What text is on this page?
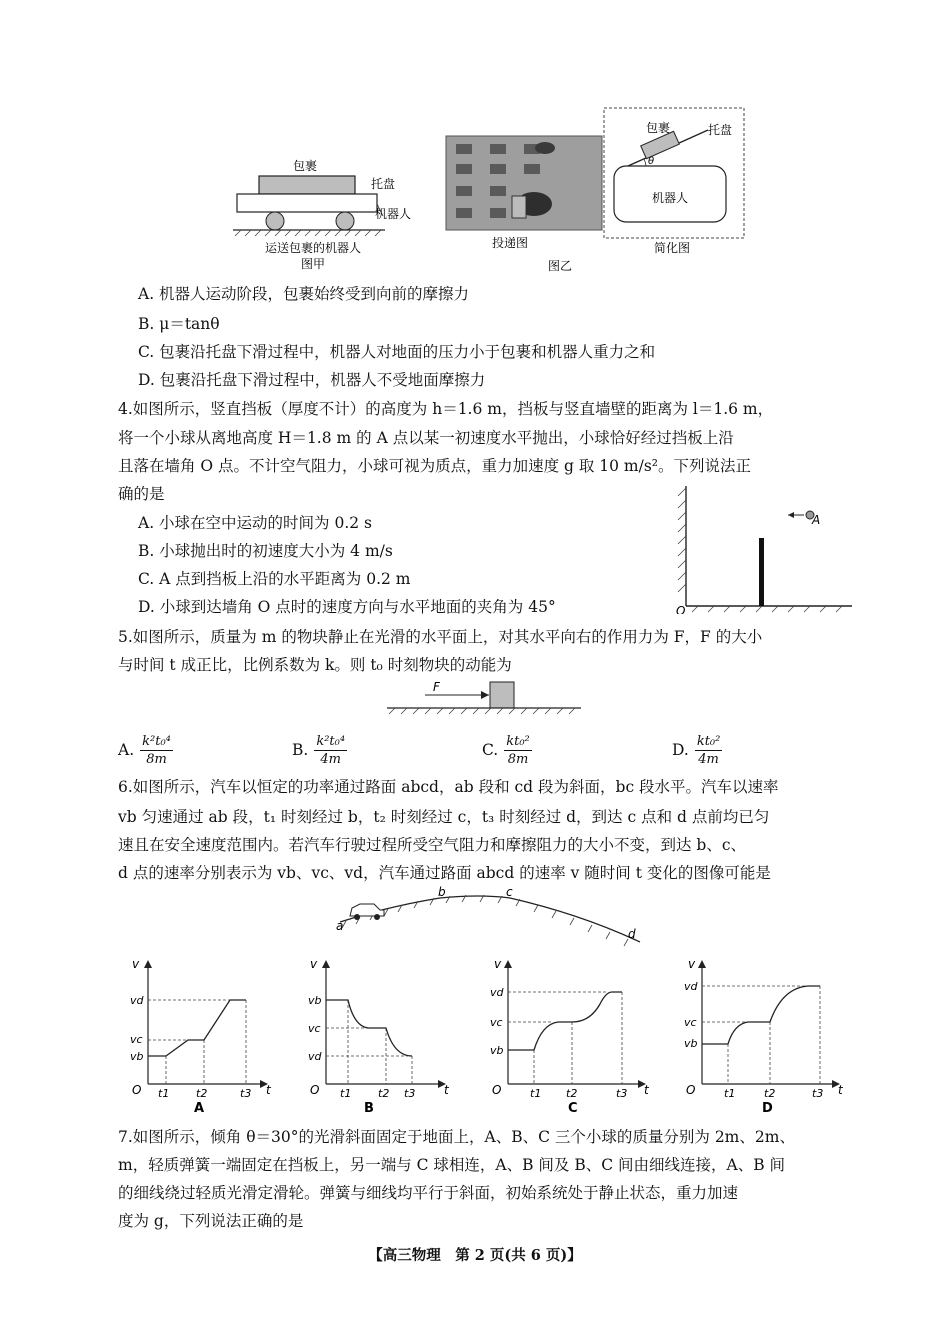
包裹
托盘
机器人
运送包裹的机器人
图甲
θ
包裹	托盘
机器人
投递图	简化图
图乙
A. 机器人运动阶段，包裹始终受到向前的摩擦力
B. μ＝tanθ
C. 包裹沿托盘下滑过程中，机器人对地面的压力小于包裹和机器人重力之和
D. 包裹沿托盘下滑过程中，机器人不受地面摩擦力
4.如图所示，竖直挡板（厚度不计）的高度为 h＝1.6 m，挡板与竖直墙壁的距离为 l＝1.6 m，
将一个小球从离地高度 H＝1.8 m 的 A 点以某一初速度水平抛出，小球恰好经过挡板上沿
且落在墙角 O 点。不计空气阻力，小球可视为质点，重力加速度 g 取 10 m/s²。下列说法正
确的是
A. 小球在空中运动的时间为 0.2 s
B. 小球抛出时的初速度大小为 4 m/s
C. A 点到挡板上沿的水平距离为 0.2 m
D. 小球到达墙角 O 点时的速度方向与水平地面的夹角为 45°
A
O
5.如图所示，质量为 m 的物块静止在光滑的水平面上，对其水平向右的作用力为 F，F 的大小
与时间 t 成正比，比例系数为 k。则 t₀ 时刻物块的动能为
F
A. $\frac{\text{k²t₀⁴}}{8m}$	B. $\frac{\text{k²t₀⁴}}{4m}$	C. $\frac{\text{kt₀²}}{8m}$	D. $\frac{\text{kt₀²}}{4m}$
6.如图所示，汽车以恒定的功率通过路面 abcd，ab 段和 cd 段为斜面，bc 段水平。汽车以速率
vb 匀速通过 ab 段，t₁ 时刻经过 b，t₂ 时刻经过 c，t₃ 时刻经过 d，到达 c 点和 d 点前均已匀
速且在安全速度范围内。若汽车行驶过程所受空气阻力和摩擦阻力的大小不变，到达 b、c、
d 点的速率分别表示为 vb、vc、vd，汽车通过路面 abcd 的速率 v 随时间 t 变化的图像可能是
a
b	c
d
v
O	t
vd
vc
vb
t1 t2	t3
A
v
O	t
vb
vc
vd
t1 t2 t3
B
v
O	t
vd
vc
vb
t1 t2	t3
C
v
O	t
vd
vc
vb
t1	t2	t3
D
7.如图所示，倾角 θ＝30°的光滑斜面固定于地面上，A、B、C 三个小球的质量分别为 2m、2m、
m，轻质弹簧一端固定在挡板上，另一端与 C 球相连，A、B 间及 B、C 间由细线连接，A、B 间
的细线绕过轻质光滑定滑轮。弹簧与细线均平行于斜面，初始系统处于静止状态，重力加速
度为 g，下列说法正确的是
【高三物理　第 2 页(共 6 页)】
